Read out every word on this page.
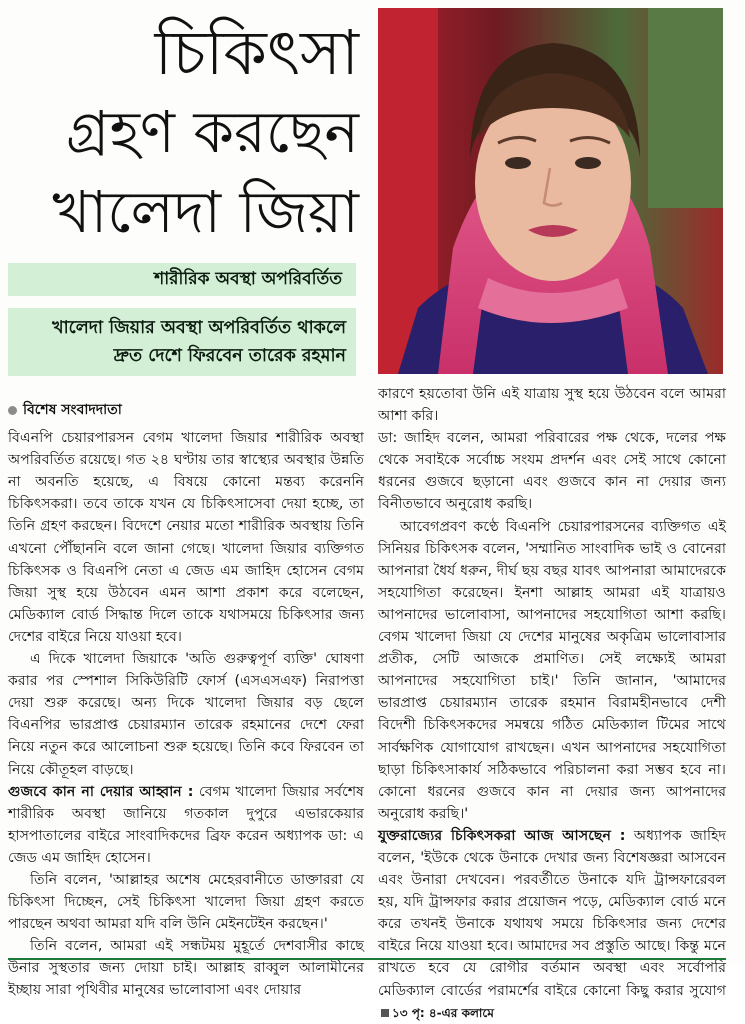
চিকিৎসা
গ্রহণ করছেন
খালেদা জিয়া
শারীরিক অবস্থা অপরিবর্তিত
খালেদা জিয়ার অবস্থা অপরিবর্তিত থাকলে
দ্রুত দেশে ফিরবেন তারেক রহমান
বিশেষ সংবাদদাতা

বিএনপি চেয়ারপারসন বেগম খালেদা জিয়ার শারীরিক অবস্থা অপরিবর্তিত রয়েছে। গত ২৪ ঘণ্টায় তার স্বাস্থ্যের অবস্থার উন্নতি না অবনতি হয়েছে, এ বিষয়ে কোনো মন্তব্য করেননি চিকিৎসকরা। তবে তাকে যখন যে চিকিৎসাসেবা দেয়া হচ্ছে, তা তিনি গ্রহণ করছেন। বিদেশে নেয়ার মতো শারীরিক অবস্থায় তিনি এখনো পৌঁছাননি বলে জানা গেছে। খালেদা জিয়ার ব্যক্তিগত চিকিৎসক ও বিএনপি নেতা এ জেড এম জাহিদ হোসেন বেগম জিয়া সুস্থ হয়ে উঠবেন এমন আশা প্রকাশ করে বলেছেন, মেডিক্যাল বোর্ড সিদ্ধান্ত দিলে তাকে যথাসময়ে চিকিৎসার জন্য দেশের বাইরে নিয়ে যাওয়া হবে।

এ দিকে খালেদা জিয়াকে 'অতি গুরুত্বপূর্ণ ব্যক্তি' ঘোষণা করার পর স্পেশাল সিকিউরিটি ফোর্স (এসএসএফ) নিরাপত্তা দেয়া শুরু করেছে। অন্য দিকে খালেদা জিয়ার বড় ছেলে বিএনপির ভারপ্রাপ্ত চেয়ারম্যান তারেক রহমানের দেশে ফেরা নিয়ে নতুন করে আলোচনা শুরু হয়েছে। তিনি কবে ফিরবেন তা নিয়ে কৌতূহল বাড়ছে।

গুজবে কান না দেয়ার আহ্বান : বেগম খালেদা জিয়ার সর্বশেষ শারীরিক অবস্থা জানিয়ে গতকাল দুপুরে এভারকেয়ার হাসপাতালের বাইরে সাংবাদিকদের ব্রিফ করেন অধ্যাপক ডা: এ জেড এম জাহিদ হোসেন।

তিনি বলেন, 'আল্লাহর অশেষ মেহেরবানীতে ডাক্তাররা যে চিকিৎসা দিচ্ছেন, সেই চিকিৎসা খালেদা জিয়া গ্রহণ করতে পারছেন অথবা আমরা যদি বলি উনি মেইনটেইন করছেন।'

তিনি বলেন, আমরা এই সন্ধটময় মুহূর্তে দেশবাসীর কাছে উনার সুস্থতার জন্য দোয়া চাই। আল্লাহ রাব্বুল আলামীনের ইচ্ছায় সারা পৃথিবীর মানুষের ভালোবাসা এবং দোয়ার

কারণে হয়তোবা উনি এই যাত্রায় সুস্থ হয়ে উঠবেন বলে আমরা আশা করি।

ডা: জাহিদ বলেন, আমরা পরিবারের পক্ষ থেকে, দলের পক্ষ থেকে সবাইকে সর্বোচ্চ সংযম প্রদর্শন এবং সেই সাথে কোনো ধরনের গুজবে ছড়ানো এবং গুজবে কান না দেয়ার জন্য বিনীতভাবে অনুরোধ করছি।

আবেগপ্রবণ কণ্ঠে বিএনপি চেয়ারপারসনের ব্যক্তিগত এই সিনিয়র চিকিৎসক বলেন, 'সম্মানিত সাংবাদিক ভাই ও বোনেরা আপনারা ধৈর্য ধরুন, দীর্ঘ ছয় বছর যাবৎ আপনারা আমাদেরকে সহযোগিতা করেছেন। ইনশা আল্লাহ আমরা এই যাত্রায়ও আপনাদের ভালোবাসা, আপনাদের সহযোগিতা আশা করছি। বেগম খালেদা জিয়া যে দেশের মানুষের অকৃত্রিম ভালোবাসার প্রতীক, সেটি আজকে প্রমাণিত। সেই লক্ষ্যেই আমরা আপনাদের সহযোগিতা চাই।' তিনি জানান, 'আমাদের ভারপ্রাপ্ত চেয়ারম্যান তারেক রহমান বিরামহীনভাবে দেশী বিদেশী চিকিৎসকদের সমন্বয়ে গঠিত মেডিক্যাল টিমের সাথে সার্বক্ষণিক যোগাযোগ রাখছেন। এখন আপনাদের সহযোগিতা ছাড়া চিকিৎসাকার্য সঠিকভাবে পরিচালনা করা সম্ভব হবে না। কোনো ধরনের গুজবে কান না দেয়ার জন্য আপনাদের অনুরোধ করছি।'

যুক্তরাজ্যের চিকিৎসকরা আজ আসছেন : অধ্যাপক জাহিদ বলেন, 'ইউকে থেকে উনাকে দেখার জন্য বিশেষজ্ঞরা আসবেন এবং উনারা দেখবেন। পরবর্তীতে উনাকে যদি ট্রান্সফারেবল হয়, যদি ট্রান্সফার করার প্রয়োজন পড়ে, মেডিক্যাল বোর্ড মনে করে তখনই উনাকে যথাযথ সময়ে চিকিৎসার জন্য দেশের বাইরে নিয়ে যাওয়া হবে। আমাদের সব প্রস্তুতি আছে। কিন্তু মনে রাখতে হবে যে রোগীর বর্তমান অবস্থা এবং সর্বোপরি মেডিক্যাল বোর্ডের পরামর্শের বাইরে কোনো কিছু করার সুযোগ১৩ পৃ: ৪-এর কলামে
